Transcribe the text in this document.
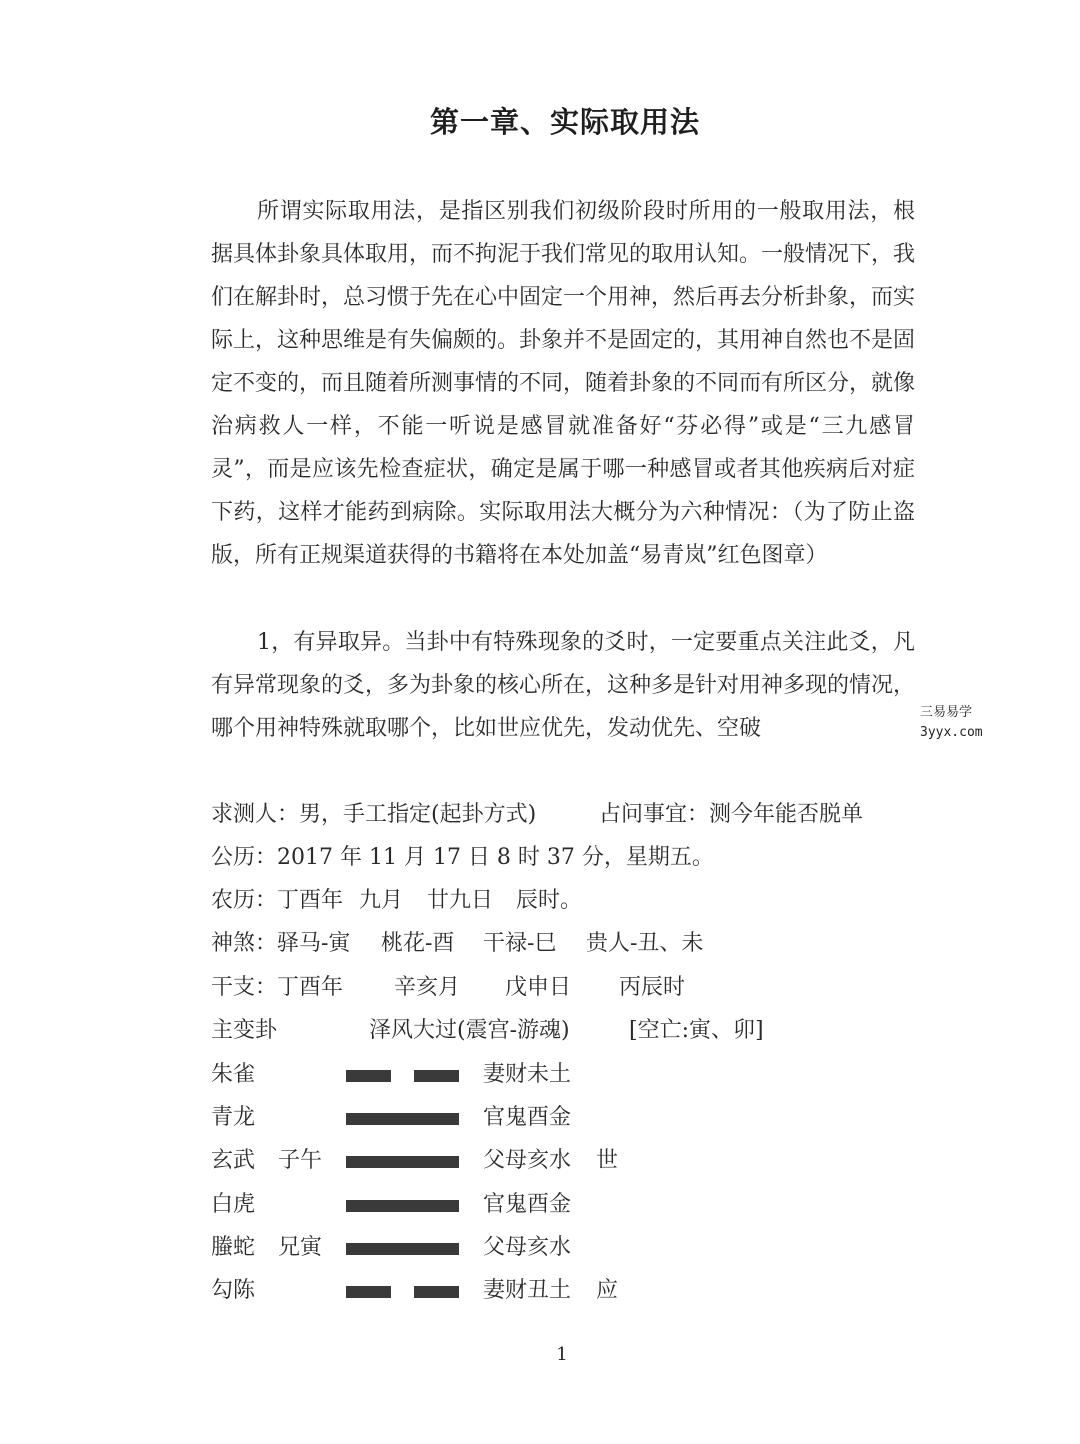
第一章、实际取用法

所谓实际取用法，是指区别我们初级阶段时所用的一般取用法，根据具体卦象具体取用，而不拘泥于我们常见的取用认知。一般情况下，我们在解卦时，总习惯于先在心中固定一个用神，然后再去分析卦象，而实际上，这种思维是有失偏颇的。卦象并不是固定的，其用神自然也不是固定不变的，而且随着所测事情的不同，随着卦象的不同而有所区分，就像治病救人一样，不能一听说是感冒就准备好“芬必得”或是“三九感冒灵”，而是应该先检查症状，确定是属于哪一种感冒或者其他疾病后对症下药，这样才能药到病除。实际取用法大概分为六种情况：（为了防止盗版，所有正规渠道获得的书籍将在本处加盖“易青岚”红色图章）

1，有异取异。当卦中有特殊现象的爻时，一定要重点关注此爻，凡有异常现象的爻，多为卦象的核心所在，这种多是针对用神多现的情况，哪个用神特殊就取哪个，比如世应优先，发动优先、空破

三易易学
3yyx.com
求测人：男，手工指定(起卦方式)	占问事宜：测今年能否脱单
公历：2017 年 11 月 17 日 8 时 37 分，星期五。
农历：丁酉年 九月 廿九日 辰时。
神煞：驿马-寅 桃花-酉 干禄-巳 贵人-丑、未
干支：丁酉年 辛亥月 戊申日 丙辰时
主变卦	泽风大过(震宫-游魂)	[空亡:寅、卯]
朱雀	妻财未土
青龙	官鬼酉金
玄武 子午	父母亥水 世
白虎	官鬼酉金
螣蛇 兄寅	父母亥水
勾陈	妻财丑土 应
1
